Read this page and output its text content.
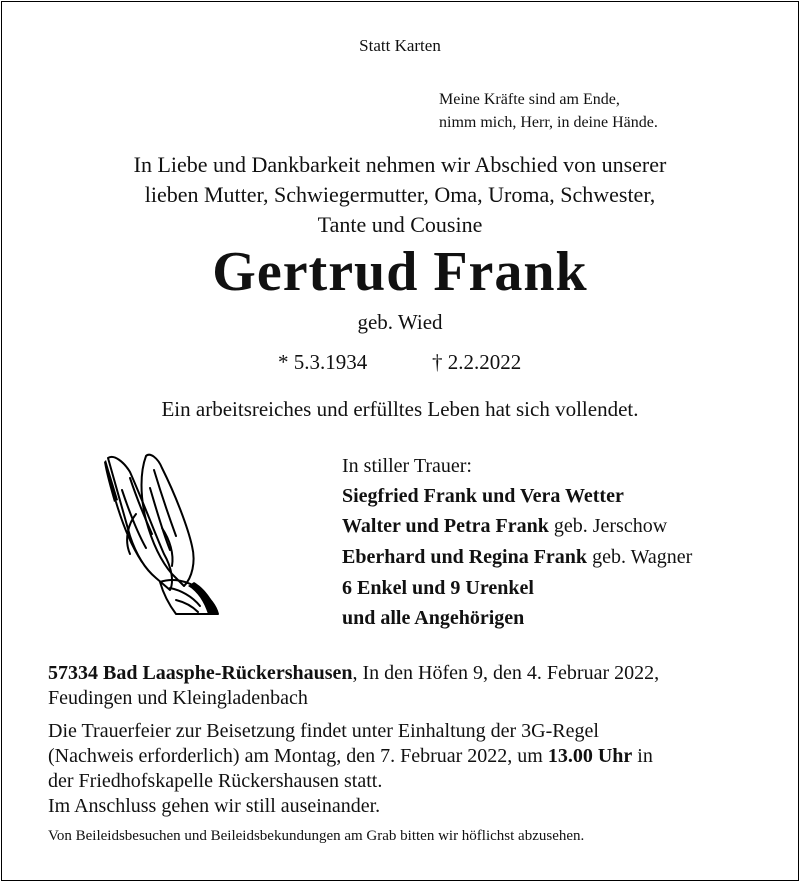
Statt Karten
Meine Kräfte sind am Ende,
nimm mich, Herr, in deine Hände.
In Liebe und Dankbarkeit nehmen wir Abschied von unserer
lieben Mutter, Schwiegermutter, Oma, Uroma, Schwester,
Tante und Cousine
Gertrud Frank
geb. Wied
* 5.3.1934	† 2.2.2022
Ein arbeitsreiches und erfülltes Leben hat sich vollendet.
In stiller Trauer:
Siegfried Frank und Vera Wetter
Walter und Petra Frank geb. Jerschow
Eberhard und Regina Frank geb. Wagner
6 Enkel und 9 Urenkel
und alle Angehörigen
57334 Bad Laasphe-Rückershausen, In den Höfen 9, den 4. Februar 2022,
Feudingen und Kleingladenbach
Die Trauerfeier zur Beisetzung findet unter Einhaltung der 3G-Regel
(Nachweis erforderlich) am Montag, den 7. Februar 2022, um 13.00 Uhr in
der Friedhofskapelle Rückershausen statt.
Im Anschluss gehen wir still auseinander.
Von Beileidsbesuchen und Beileidsbekundungen am Grab bitten wir höflichst abzusehen.
